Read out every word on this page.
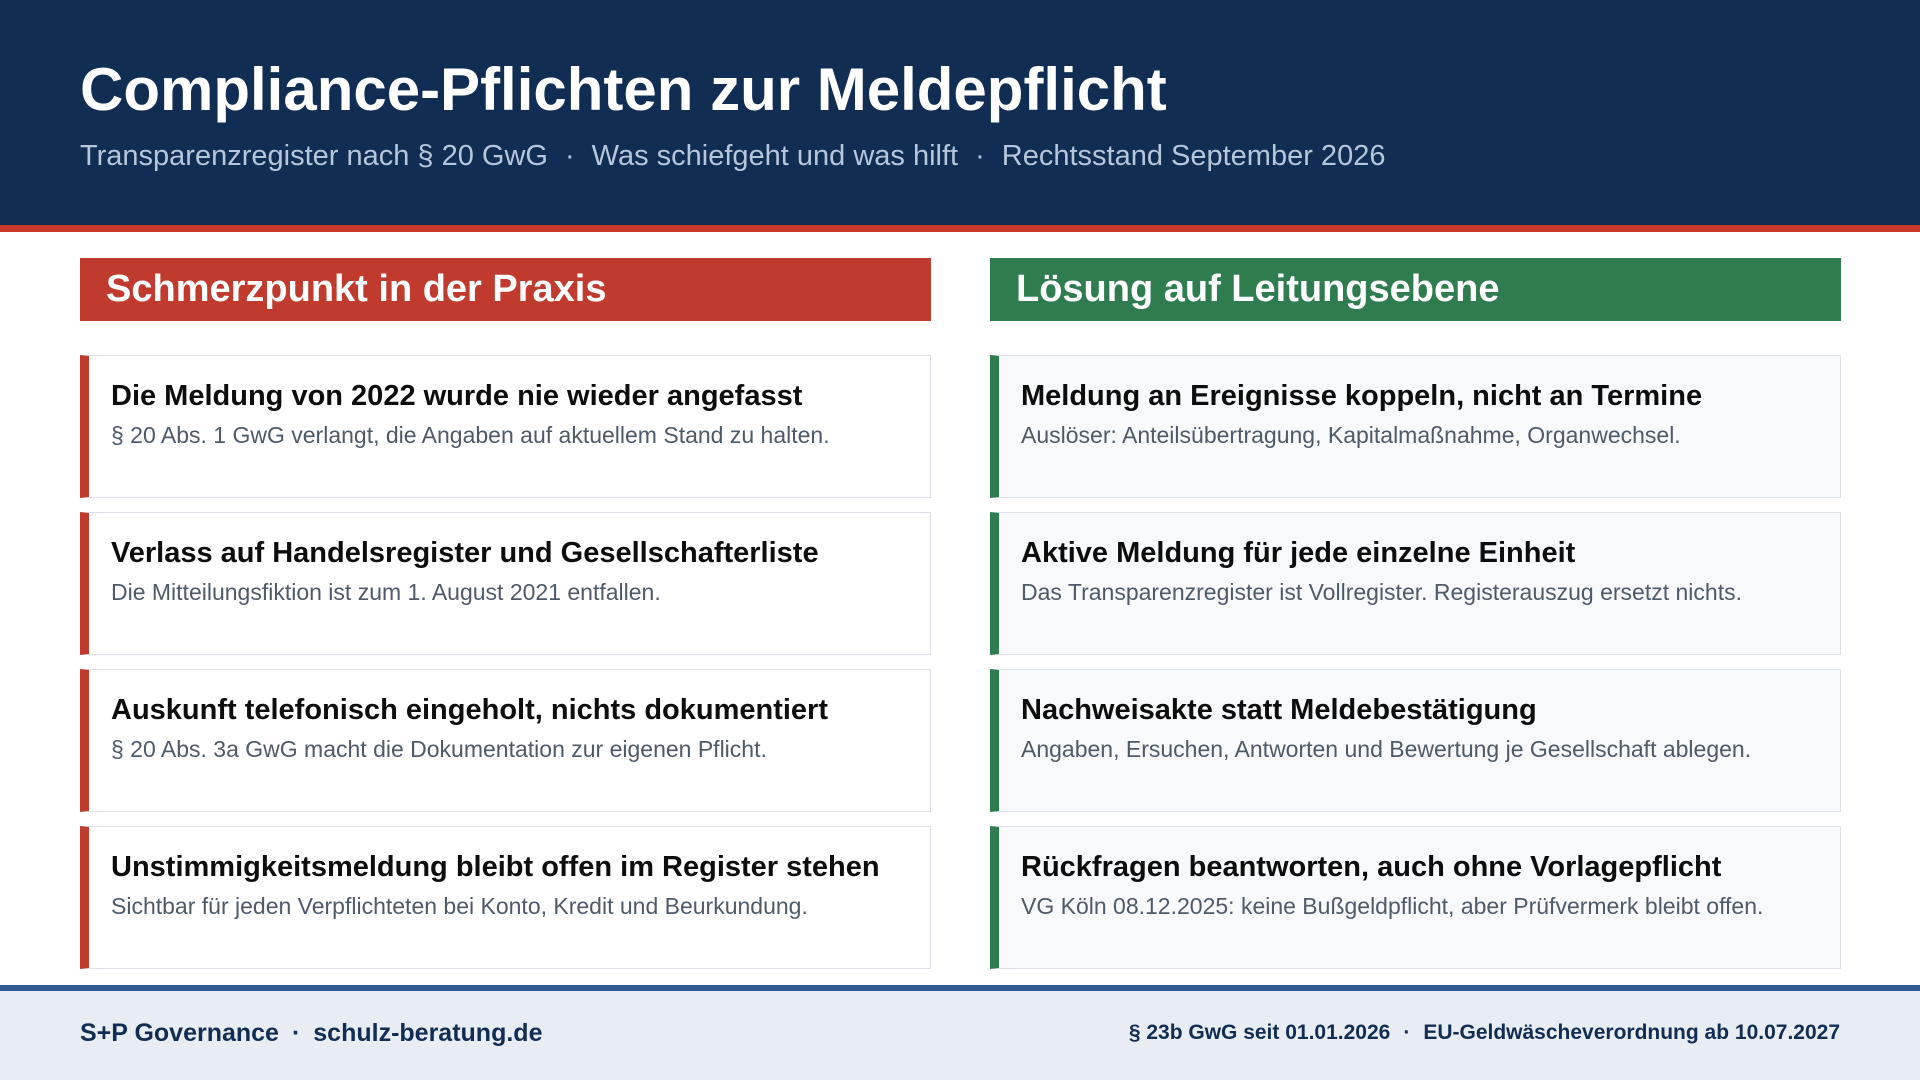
Compliance-Pflichten zur Meldepflicht
Transparenzregister nach § 20 GwG · Was schiefgeht und was hilft · Rechtsstand September 2026
Schmerzpunkt in der Praxis
Die Meldung von 2022 wurde nie wieder angefasst
§ 20 Abs. 1 GwG verlangt, die Angaben auf aktuellem Stand zu halten.
Verlass auf Handelsregister und Gesellschafterliste
Die Mitteilungsfiktion ist zum 1. August 2021 entfallen.
Auskunft telefonisch eingeholt, nichts dokumentiert
§ 20 Abs. 3a GwG macht die Dokumentation zur eigenen Pflicht.
Unstimmigkeitsmeldung bleibt offen im Register stehen
Sichtbar für jeden Verpflichteten bei Konto, Kredit und Beurkundung.
Lösung auf Leitungsebene
Meldung an Ereignisse koppeln, nicht an Termine
Auslöser: Anteilsübertragung, Kapitalmaßnahme, Organwechsel.
Aktive Meldung für jede einzelne Einheit
Das Transparenzregister ist Vollregister. Registerauszug ersetzt nichts.
Nachweisakte statt Meldebestätigung
Angaben, Ersuchen, Antworten und Bewertung je Gesellschaft ablegen.
Rückfragen beantworten, auch ohne Vorlagepflicht
VG Köln 08.12.2025: keine Bußgeldpflicht, aber Prüfvermerk bleibt offen.
S+P Governance · schulz-beratung.de	§ 23b GwG seit 01.01.2026 · EU-Geldwäscheverordnung ab 10.07.2027
